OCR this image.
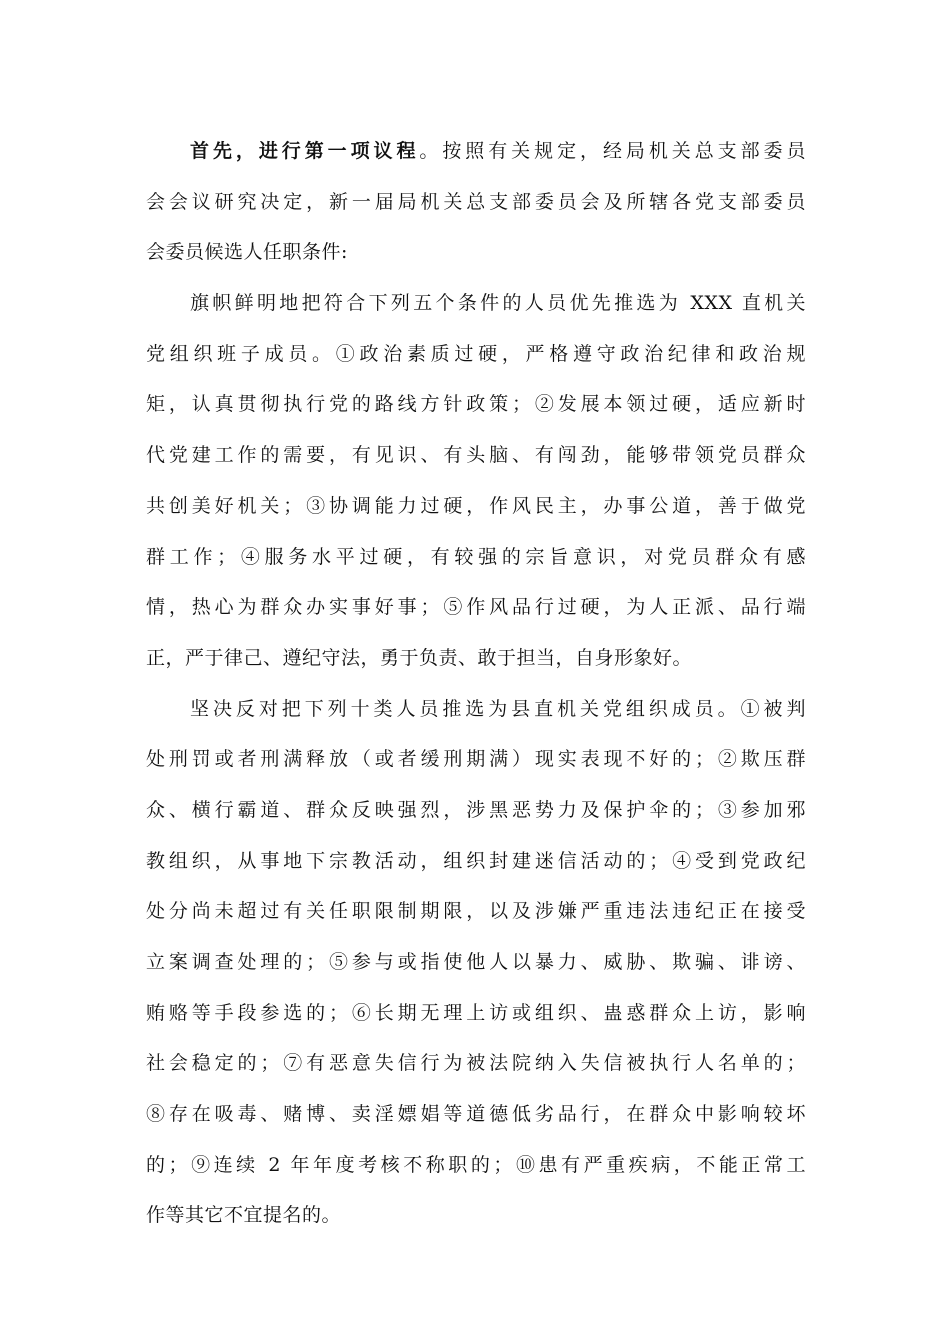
首先，进行第一项议程。按照有关规定，经局机关总支部委员
会会议研究决定，新一届局机关总支部委员会及所辖各党支部委员
会委员候选人任职条件:
旗帜鲜明地把符合下列五个条件的人员优先推选为 XXX 直机关
党组织班子成员。①政治素质过硬，严格遵守政治纪律和政治规
矩，认真贯彻执行党的路线方针政策；②发展本领过硬，适应新时
代党建工作的需要，有见识、有头脑、有闯劲，能够带领党员群众
共创美好机关；③协调能力过硬，作风民主，办事公道，善于做党
群工作；④服务水平过硬，有较强的宗旨意识，对党员群众有感
情，热心为群众办实事好事；⑤作风品行过硬，为人正派、品行端
正，严于律己、遵纪守法，勇于负责、敢于担当，自身形象好。
坚决反对把下列十类人员推选为县直机关党组织成员。①被判
处刑罚或者刑满释放（或者缓刑期满）现实表现不好的；②欺压群
众、横行霸道、群众反映强烈，涉黑恶势力及保护伞的；③参加邪
教组织，从事地下宗教活动，组织封建迷信活动的；④受到党政纪
处分尚未超过有关任职限制期限，以及涉嫌严重违法违纪正在接受
立案调查处理的；⑤参与或指使他人以暴力、威胁、欺骗、诽谤、
贿赂等手段参选的；⑥长期无理上访或组织、蛊惑群众上访，影响
社会稳定的；⑦有恶意失信行为被法院纳入失信被执行人名单的；
⑧存在吸毒、赌博、卖淫嫖娼等道德低劣品行，在群众中影响较坏
的；⑨连续 2 年年度考核不称职的；⑩患有严重疾病，不能正常工
作等其它不宜提名的。
